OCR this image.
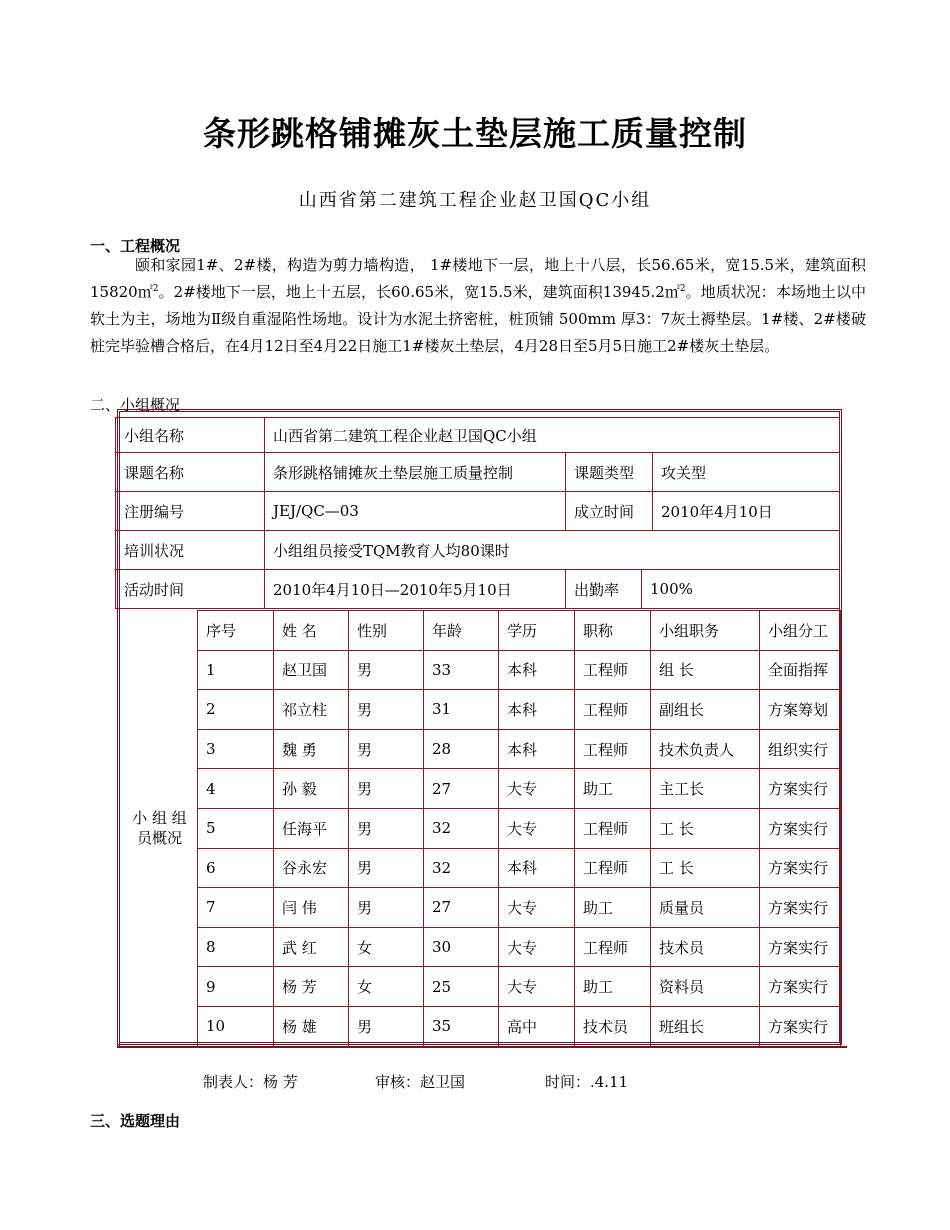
条形跳格铺摊灰土垫层施工质量控制
山西省第二建筑工程企业赵卫国QC小组
一、工程概况
颐和家园1#、2#楼，构造为剪力墙构造， 1#楼地下一层，地上十八层，长56.65米，宽15.5米，建筑面积15820㎡$^2$。2#楼地下一层，地上十五层，长60.65米，宽15.5米，建筑面积13945.2㎡$^2$。地质状况：本场地土以中软土为主，场地为Ⅱ级自重湿陷性场地。设计为水泥土挤密桩，桩顶铺 500mm 厚3：7灰土褥垫层。1#楼、2#楼破桩完毕验槽合格后，在4月12日至4月22日施工1#楼灰土垫层，4月28日至5月5日施工2#楼灰土垫层。
二、小组概况
小组名称	山西省第二建筑工程企业赵卫国QC小组
课题名称	条形跳格铺摊灰土垫层施工质量控制	课题类型	攻关型
注册编号	JEJ/QC—03	成立时间	2010年4月10日
培训状况	小组组员接受TQM教育人均80课时
活动时间	2010年4月10日—2010年5月10日	出勤率	100%
小 组 组员概况
序号	姓 名	性别	年龄	学历	职称	小组职务	小组分工
1	赵卫国	男	33	本科	工程师	组 长	全面指挥
2	祁立柱	男	31	本科	工程师	副组长	方案筹划
3	魏 勇	男	28	本科	工程师	技术负责人	组织实行
4	孙 毅	男	27	大专	助工	主工长	方案实行
5	任海平	男	32	大专	工程师	工 长	方案实行
6	谷永宏	男	32	本科	工程师	工 长	方案实行
7	闫 伟	男	27	大专	助工	质量员	方案实行
8	武 红	女	30	大专	工程师	技术员	方案实行
9	杨 芳	女	25	大专	助工	资料员	方案实行
10	杨 雄	男	35	高中	技术员	班组长	方案实行
制表人：杨 芳	审核：赵卫国	时间：.4.11
三、选题理由
